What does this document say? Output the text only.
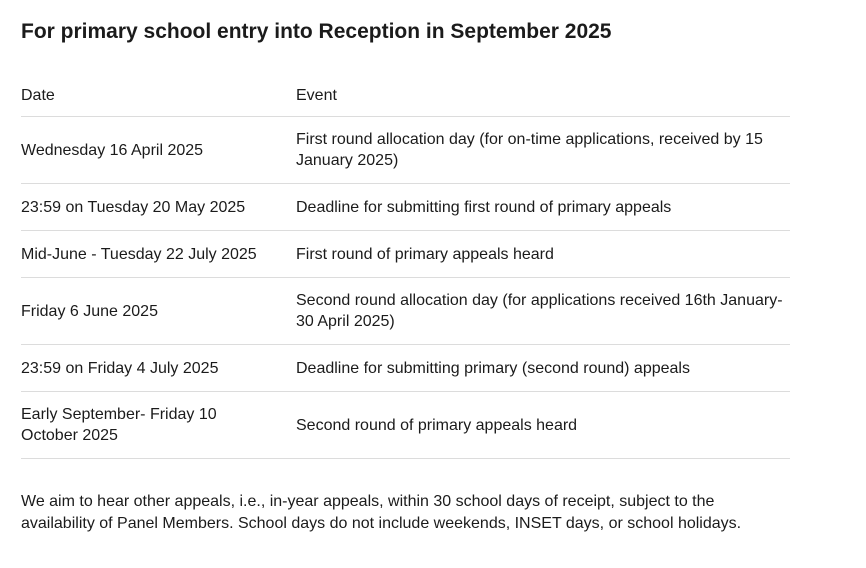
For primary school entry into Reception in September 2025
Date	Event

Wednesday 16 April 2025	First round allocation day (for on-time applications, received by 15 January 2025)

23:59 on Tuesday 20 May 2025	Deadline for submitting first round of primary appeals

Mid-June - Tuesday 22 July 2025	First round of primary appeals heard

Friday 6 June 2025	Second round allocation day (for applications received 16th January- 30 April 2025)

23:59 on Friday 4 July 2025	Deadline for submitting primary (second round) appeals

Early September- Friday 10 October 2025	Second round of primary appeals heard

We aim to hear other appeals, i.e., in-year appeals, within 30 school days of receipt, subject to the availability of Panel Members. School days do not include weekends, INSET days, or school holidays.
